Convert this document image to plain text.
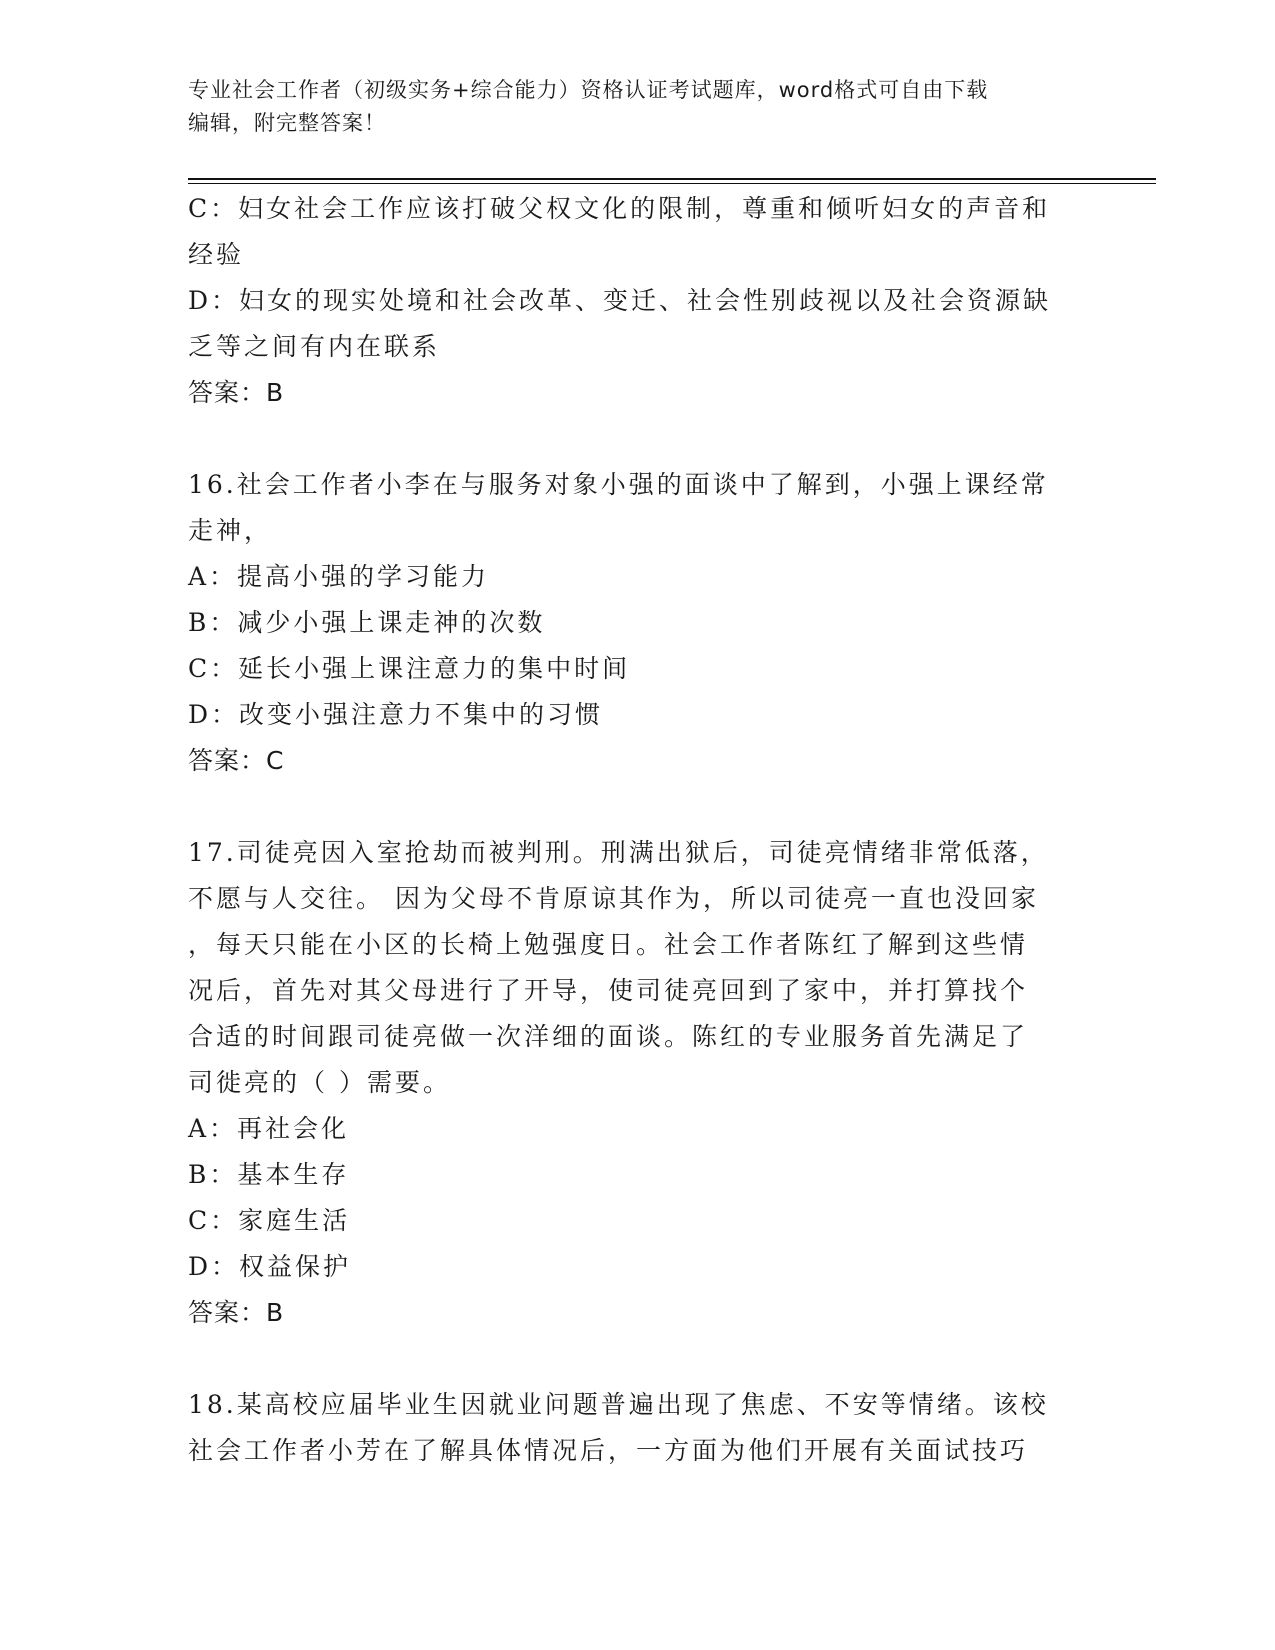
专业社会工作者（初级实务+综合能力）资格认证考试题库，word格式可自由下载

编辑，附完整答案！

C：妇女社会工作应该打破父权文化的限制，尊重和倾听妇女的声音和

经验

D：妇女的现实处境和社会改革、变迁、社会性别歧视以及社会资源缺

乏等之间有内在联系

答案：B

16.社会工作者小李在与服务对象小强的面谈中了解到，小强上课经常

走神，

A：提高小强的学习能力

B：减少小强上课走神的次数

C：延长小强上课注意力的集中时间

D：改变小强注意力不集中的习惯

答案：C

17.司徒亮因入室抢劫而被判刑。刑满出狱后，司徒亮情绪非常低落，

不愿与人交往。 因为父母不肯原谅其作为，所以司徒亮一直也没回家

，每天只能在小区的长椅上勉强度日。社会工作者陈红了解到这些情

况后，首先对其父母进行了开导，使司徒亮回到了家中，并打算找个

合适的时间跟司徒亮做一次洋细的面谈。陈红的专业服务首先满足了

司徙亮的（ ）需要。

A：再社会化

B：基本生存

C：家庭生活

D：权益保护

答案：B

18.某高校应届毕业生因就业问题普遍出现了焦虑、不安等情绪。该校

社会工作者小芳在了解具体情况后，一方面为他们开展有关面试技巧
